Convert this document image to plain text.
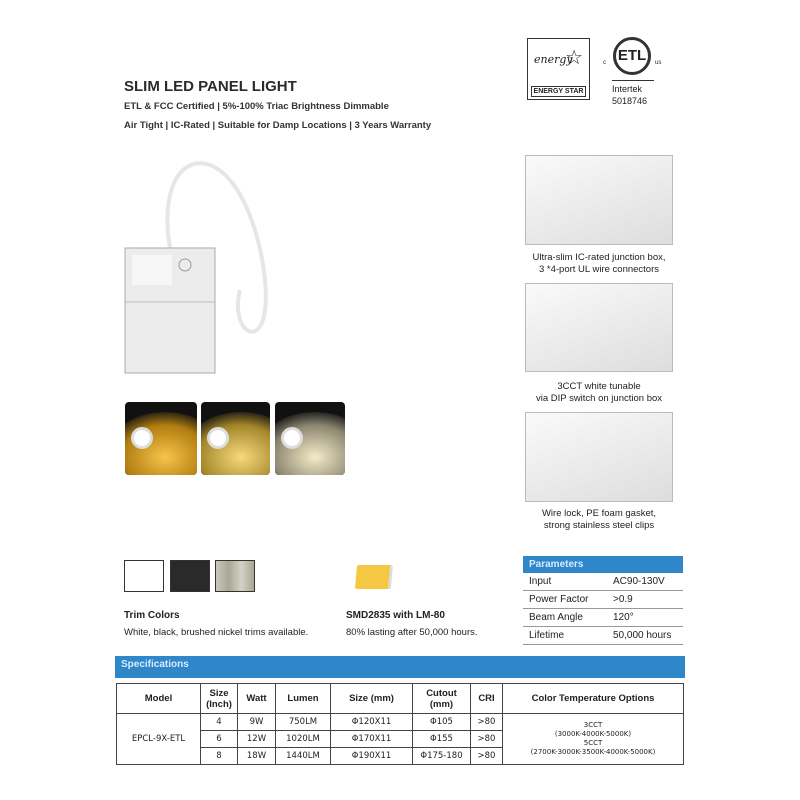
SLIM LED PANEL LIGHT
ETL & FCC Certified | 5%-100% Triac Brightness Dimmable
Air Tight | IC-Rated | Suitable for Damp Locations | 3 Years Warranty
energy
☆
ENERGY STAR
ETL
c	us
Intertek
5018746
Ultra-slim IC-rated junction box,
3 *4-port UL wire connectors
3CCT white tunable
via DIP switch on junction box
Wire lock, PE foam gasket,
strong stainless steel clips
Trim Colors
White, black, brushed nickel trims available.
SMD2835 with LM-80
80% lasting after 50,000 hours.
Parameters
Input	AC90-130V
Power Factor	>0.9
Beam Angle	120°
Lifetime	50,000 hours
Specifications
Model	Size (Inch)	Watt	Lumen	Size (mm)	Cutout (mm)	CRI	Color Temperature Options
EPCL-9X-ETL	4	9W	750LM	Φ120X11	Φ105	>80	3CCT
(3000K-4000K-5000K)
5CCT
(2700K-3000K-3500K-4000K-5000K)

	6	12W	1020LM	Φ170X11	Φ155	>80	
	8	18W	1440LM	Φ190X11	Φ175-180	>80	
